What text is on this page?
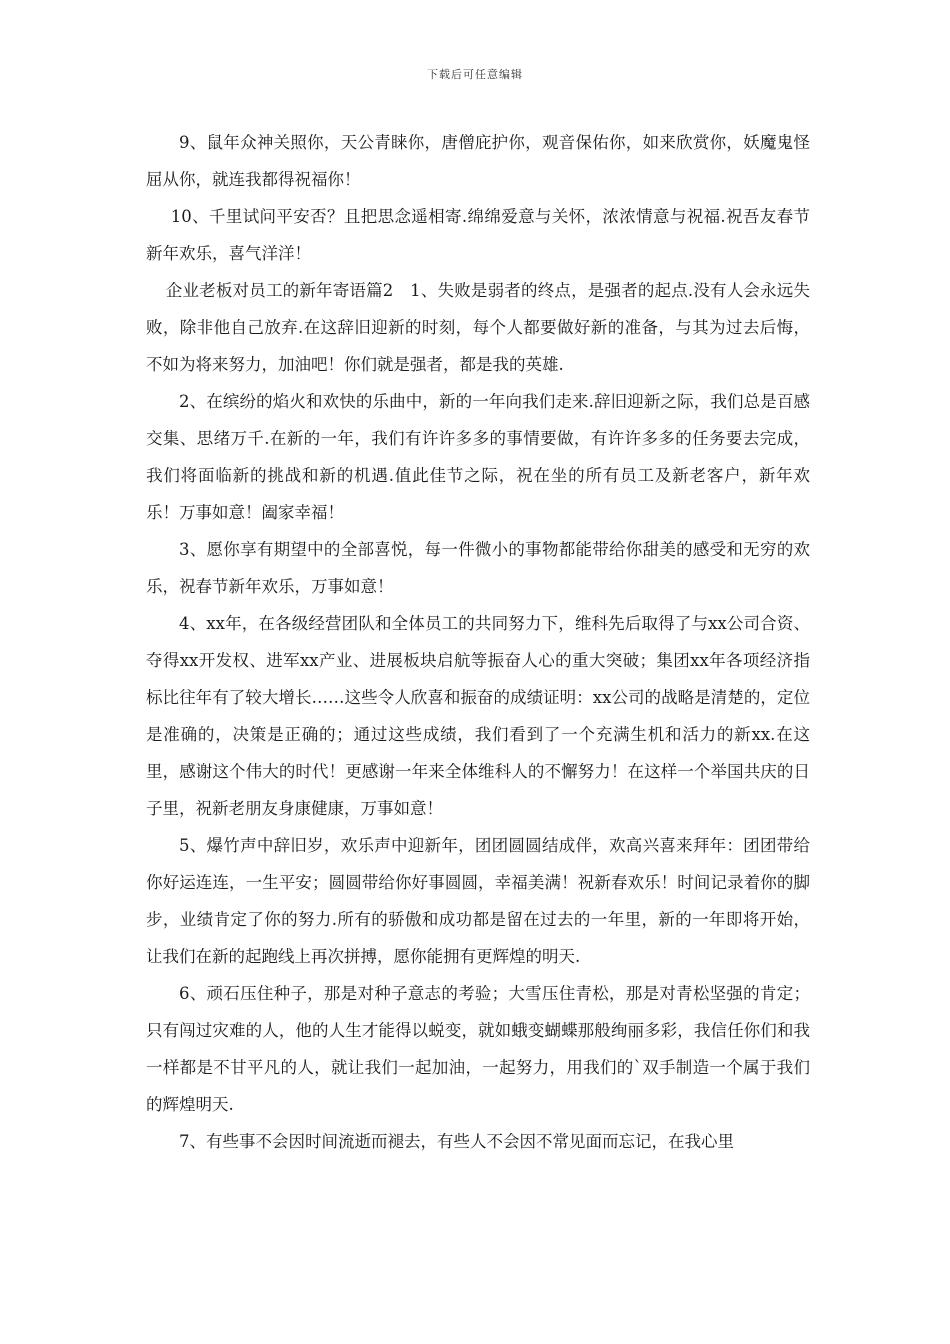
下载后可任意编辑

9、鼠年众神关照你，天公青睐你，唐僧庇护你，观音保佑你，如来欣赏你，妖魔鬼怪屈从你，就连我都得祝福你！

10、千里试问平安否？且把思念遥相寄.绵绵爱意与关怀，浓浓情意与祝福.祝吾友春节新年欢乐，喜气洋洋！

企业老板对员工的新年寄语篇2　1、失败是弱者的终点，是强者的起点.没有人会永远失败，除非他自己放弃.在这辞旧迎新的时刻，每个人都要做好新的准备，与其为过去后悔，不如为将来努力，加油吧！你们就是强者，都是我的英雄.

2、在缤纷的焰火和欢快的乐曲中，新的一年向我们走来.辞旧迎新之际，我们总是百感交集、思绪万千.在新的一年，我们有许许多多的事情要做，有许许多多的任务要去完成，我们将面临新的挑战和新的机遇.值此佳节之际，祝在坐的所有员工及新老客户，新年欢乐！万事如意！阖家幸福！

3、愿你享有期望中的全部喜悦，每一件微小的事物都能带给你甜美的感受和无穷的欢乐，祝春节新年欢乐，万事如意！

4、xx年，在各级经营团队和全体员工的共同努力下，维科先后取得了与xx公司合资、夺得xx开发权、进军xx产业、进展板块启航等振奋人心的重大突破；集团xx年各项经济指标比往年有了较大增长……这些令人欣喜和振奋的成绩证明：xx公司的战略是清楚的，定位是准确的，决策是正确的；通过这些成绩，我们看到了一个充满生机和活力的新xx.在这里，感谢这个伟大的时代！更感谢一年来全体维科人的不懈努力！在这样一个举国共庆的日子里，祝新老朋友身康健康，万事如意！

5、爆竹声中辞旧岁，欢乐声中迎新年，团团圆圆结成伴，欢高兴喜来拜年：团团带给你好运连连，一生平安；圆圆带给你好事圆圆，幸福美满！祝新春欢乐！时间记录着你的脚步，业绩肯定了你的努力.所有的骄傲和成功都是留在过去的一年里，新的一年即将开始，让我们在新的起跑线上再次拼搏，愿你能拥有更辉煌的明天.

6、顽石压住种子，那是对种子意志的考验；大雪压住青松，那是对青松坚强的肯定；只有闯过灾难的人，他的人生才能得以蜕变，就如蛾变蝴蝶那般绚丽多彩，我信任你们和我一样都是不甘平凡的人，就让我们一起加油，一起努力，用我们的`双手制造一个属于我们的辉煌明天.

7、有些事不会因时间流逝而褪去，有些人不会因不常见面而忘记，在我心里
